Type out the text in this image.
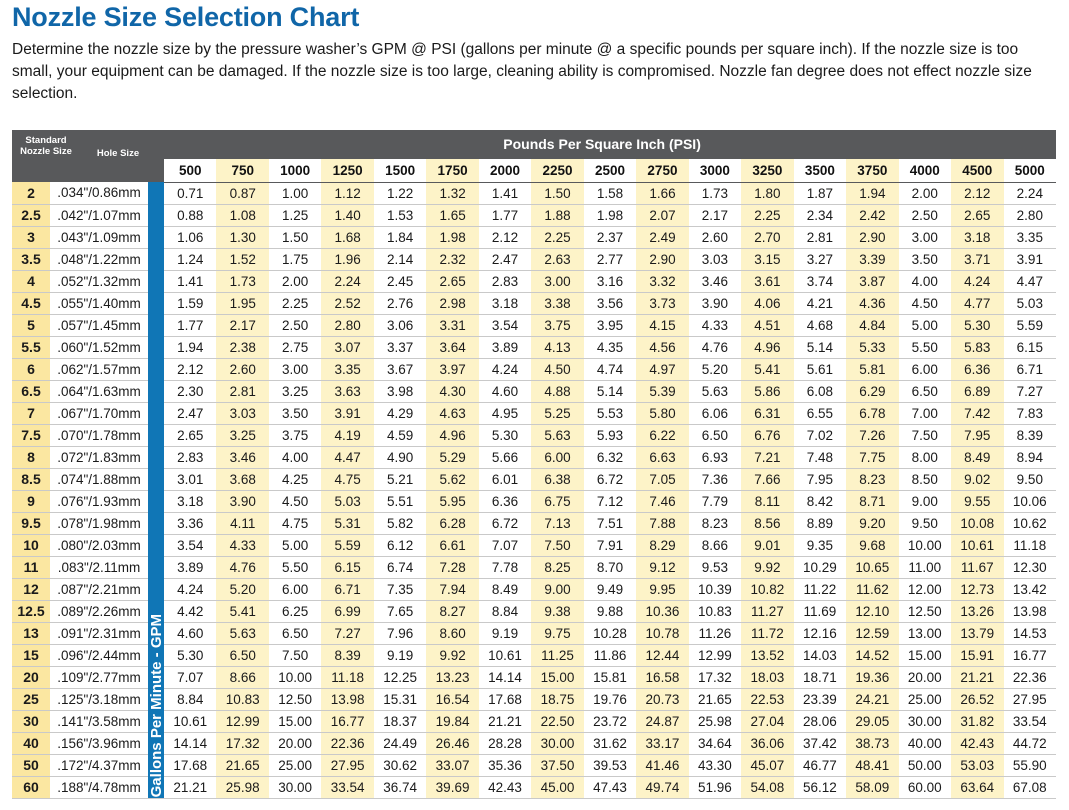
Nozzle Size Selection Chart

Determine the nozzle size by the pressure washer’s GPM @ PSI (gallons per minute @ a specific pounds per square inch). If the nozzle size is too small, your equipment can be damaged. If the nozzle size is too large, cleaning ability is compromised. Nozzle fan degree does not effect nozzle size selection.

Standard Nozzle Size Hole Size		Pounds Per Square Inch (PSI)																	
			500	750	1000	1250	1500	1750	2000	2250	2500	2750	3000	3250	3500	3750	4000	4500	5000
2	.034"/0.86mm	Gallons Per Minute - GPM	0.71	0.87	1.00	1.12	1.22	1.32	1.41	1.50	1.58	1.66	1.73	1.80	1.87	1.94	2.00	2.12	2.24
2.5	.042"/1.07mm		0.88	1.08	1.25	1.40	1.53	1.65	1.77	1.88	1.98	2.07	2.17	2.25	2.34	2.42	2.50	2.65	2.80
3	.043"/1.09mm		1.06	1.30	1.50	1.68	1.84	1.98	2.12	2.25	2.37	2.49	2.60	2.70	2.81	2.90	3.00	3.18	3.35
3.5	.048"/1.22mm		1.24	1.52	1.75	1.96	2.14	2.32	2.47	2.63	2.77	2.90	3.03	3.15	3.27	3.39	3.50	3.71	3.91
4	.052"/1.32mm		1.41	1.73	2.00	2.24	2.45	2.65	2.83	3.00	3.16	3.32	3.46	3.61	3.74	3.87	4.00	4.24	4.47
4.5	.055"/1.40mm		1.59	1.95	2.25	2.52	2.76	2.98	3.18	3.38	3.56	3.73	3.90	4.06	4.21	4.36	4.50	4.77	5.03
5	.057"/1.45mm		1.77	2.17	2.50	2.80	3.06	3.31	3.54	3.75	3.95	4.15	4.33	4.51	4.68	4.84	5.00	5.30	5.59
5.5	.060"/1.52mm		1.94	2.38	2.75	3.07	3.37	3.64	3.89	4.13	4.35	4.56	4.76	4.96	5.14	5.33	5.50	5.83	6.15
6	.062"/1.57mm		2.12	2.60	3.00	3.35	3.67	3.97	4.24	4.50	4.74	4.97	5.20	5.41	5.61	5.81	6.00	6.36	6.71
6.5	.064"/1.63mm		2.30	2.81	3.25	3.63	3.98	4.30	4.60	4.88	5.14	5.39	5.63	5.86	6.08	6.29	6.50	6.89	7.27
7	.067"/1.70mm		2.47	3.03	3.50	3.91	4.29	4.63	4.95	5.25	5.53	5.80	6.06	6.31	6.55	6.78	7.00	7.42	7.83
7.5	.070"/1.78mm		2.65	3.25	3.75	4.19	4.59	4.96	5.30	5.63	5.93	6.22	6.50	6.76	7.02	7.26	7.50	7.95	8.39
8	.072"/1.83mm		2.83	3.46	4.00	4.47	4.90	5.29	5.66	6.00	6.32	6.63	6.93	7.21	7.48	7.75	8.00	8.49	8.94
8.5	.074"/1.88mm		3.01	3.68	4.25	4.75	5.21	5.62	6.01	6.38	6.72	7.05	7.36	7.66	7.95	8.23	8.50	9.02	9.50
9	.076"/1.93mm		3.18	3.90	4.50	5.03	5.51	5.95	6.36	6.75	7.12	7.46	7.79	8.11	8.42	8.71	9.00	9.55	10.06
9.5	.078"/1.98mm		3.36	4.11	4.75	5.31	5.82	6.28	6.72	7.13	7.51	7.88	8.23	8.56	8.89	9.20	9.50	10.08	10.62
10	.080"/2.03mm		3.54	4.33	5.00	5.59	6.12	6.61	7.07	7.50	7.91	8.29	8.66	9.01	9.35	9.68	10.00	10.61	11.18
11	.083"/2.11mm		3.89	4.76	5.50	6.15	6.74	7.28	7.78	8.25	8.70	9.12	9.53	9.92	10.29	10.65	11.00	11.67	12.30
12	.087"/2.21mm		4.24	5.20	6.00	6.71	7.35	7.94	8.49	9.00	9.49	9.95	10.39	10.82	11.22	11.62	12.00	12.73	13.42
12.5	.089"/2.26mm		4.42	5.41	6.25	6.99	7.65	8.27	8.84	9.38	9.88	10.36	10.83	11.27	11.69	12.10	12.50	13.26	13.98
13	.091"/2.31mm		4.60	5.63	6.50	7.27	7.96	8.60	9.19	9.75	10.28	10.78	11.26	11.72	12.16	12.59	13.00	13.79	14.53
15	.096"/2.44mm		5.30	6.50	7.50	8.39	9.19	9.92	10.61	11.25	11.86	12.44	12.99	13.52	14.03	14.52	15.00	15.91	16.77
20	.109"/2.77mm		7.07	8.66	10.00	11.18	12.25	13.23	14.14	15.00	15.81	16.58	17.32	18.03	18.71	19.36	20.00	21.21	22.36
25	.125"/3.18mm		8.84	10.83	12.50	13.98	15.31	16.54	17.68	18.75	19.76	20.73	21.65	22.53	23.39	24.21	25.00	26.52	27.95
30	.141"/3.58mm		10.61	12.99	15.00	16.77	18.37	19.84	21.21	22.50	23.72	24.87	25.98	27.04	28.06	29.05	30.00	31.82	33.54
40	.156"/3.96mm		14.14	17.32	20.00	22.36	24.49	26.46	28.28	30.00	31.62	33.17	34.64	36.06	37.42	38.73	40.00	42.43	44.72
50	.172"/4.37mm		17.68	21.65	25.00	27.95	30.62	33.07	35.36	37.50	39.53	41.46	43.30	45.07	46.77	48.41	50.00	53.03	55.90
60	.188"/4.78mm		21.21	25.98	30.00	33.54	36.74	39.69	42.43	45.00	47.43	49.74	51.96	54.08	56.12	58.09	60.00	63.64	67.08
